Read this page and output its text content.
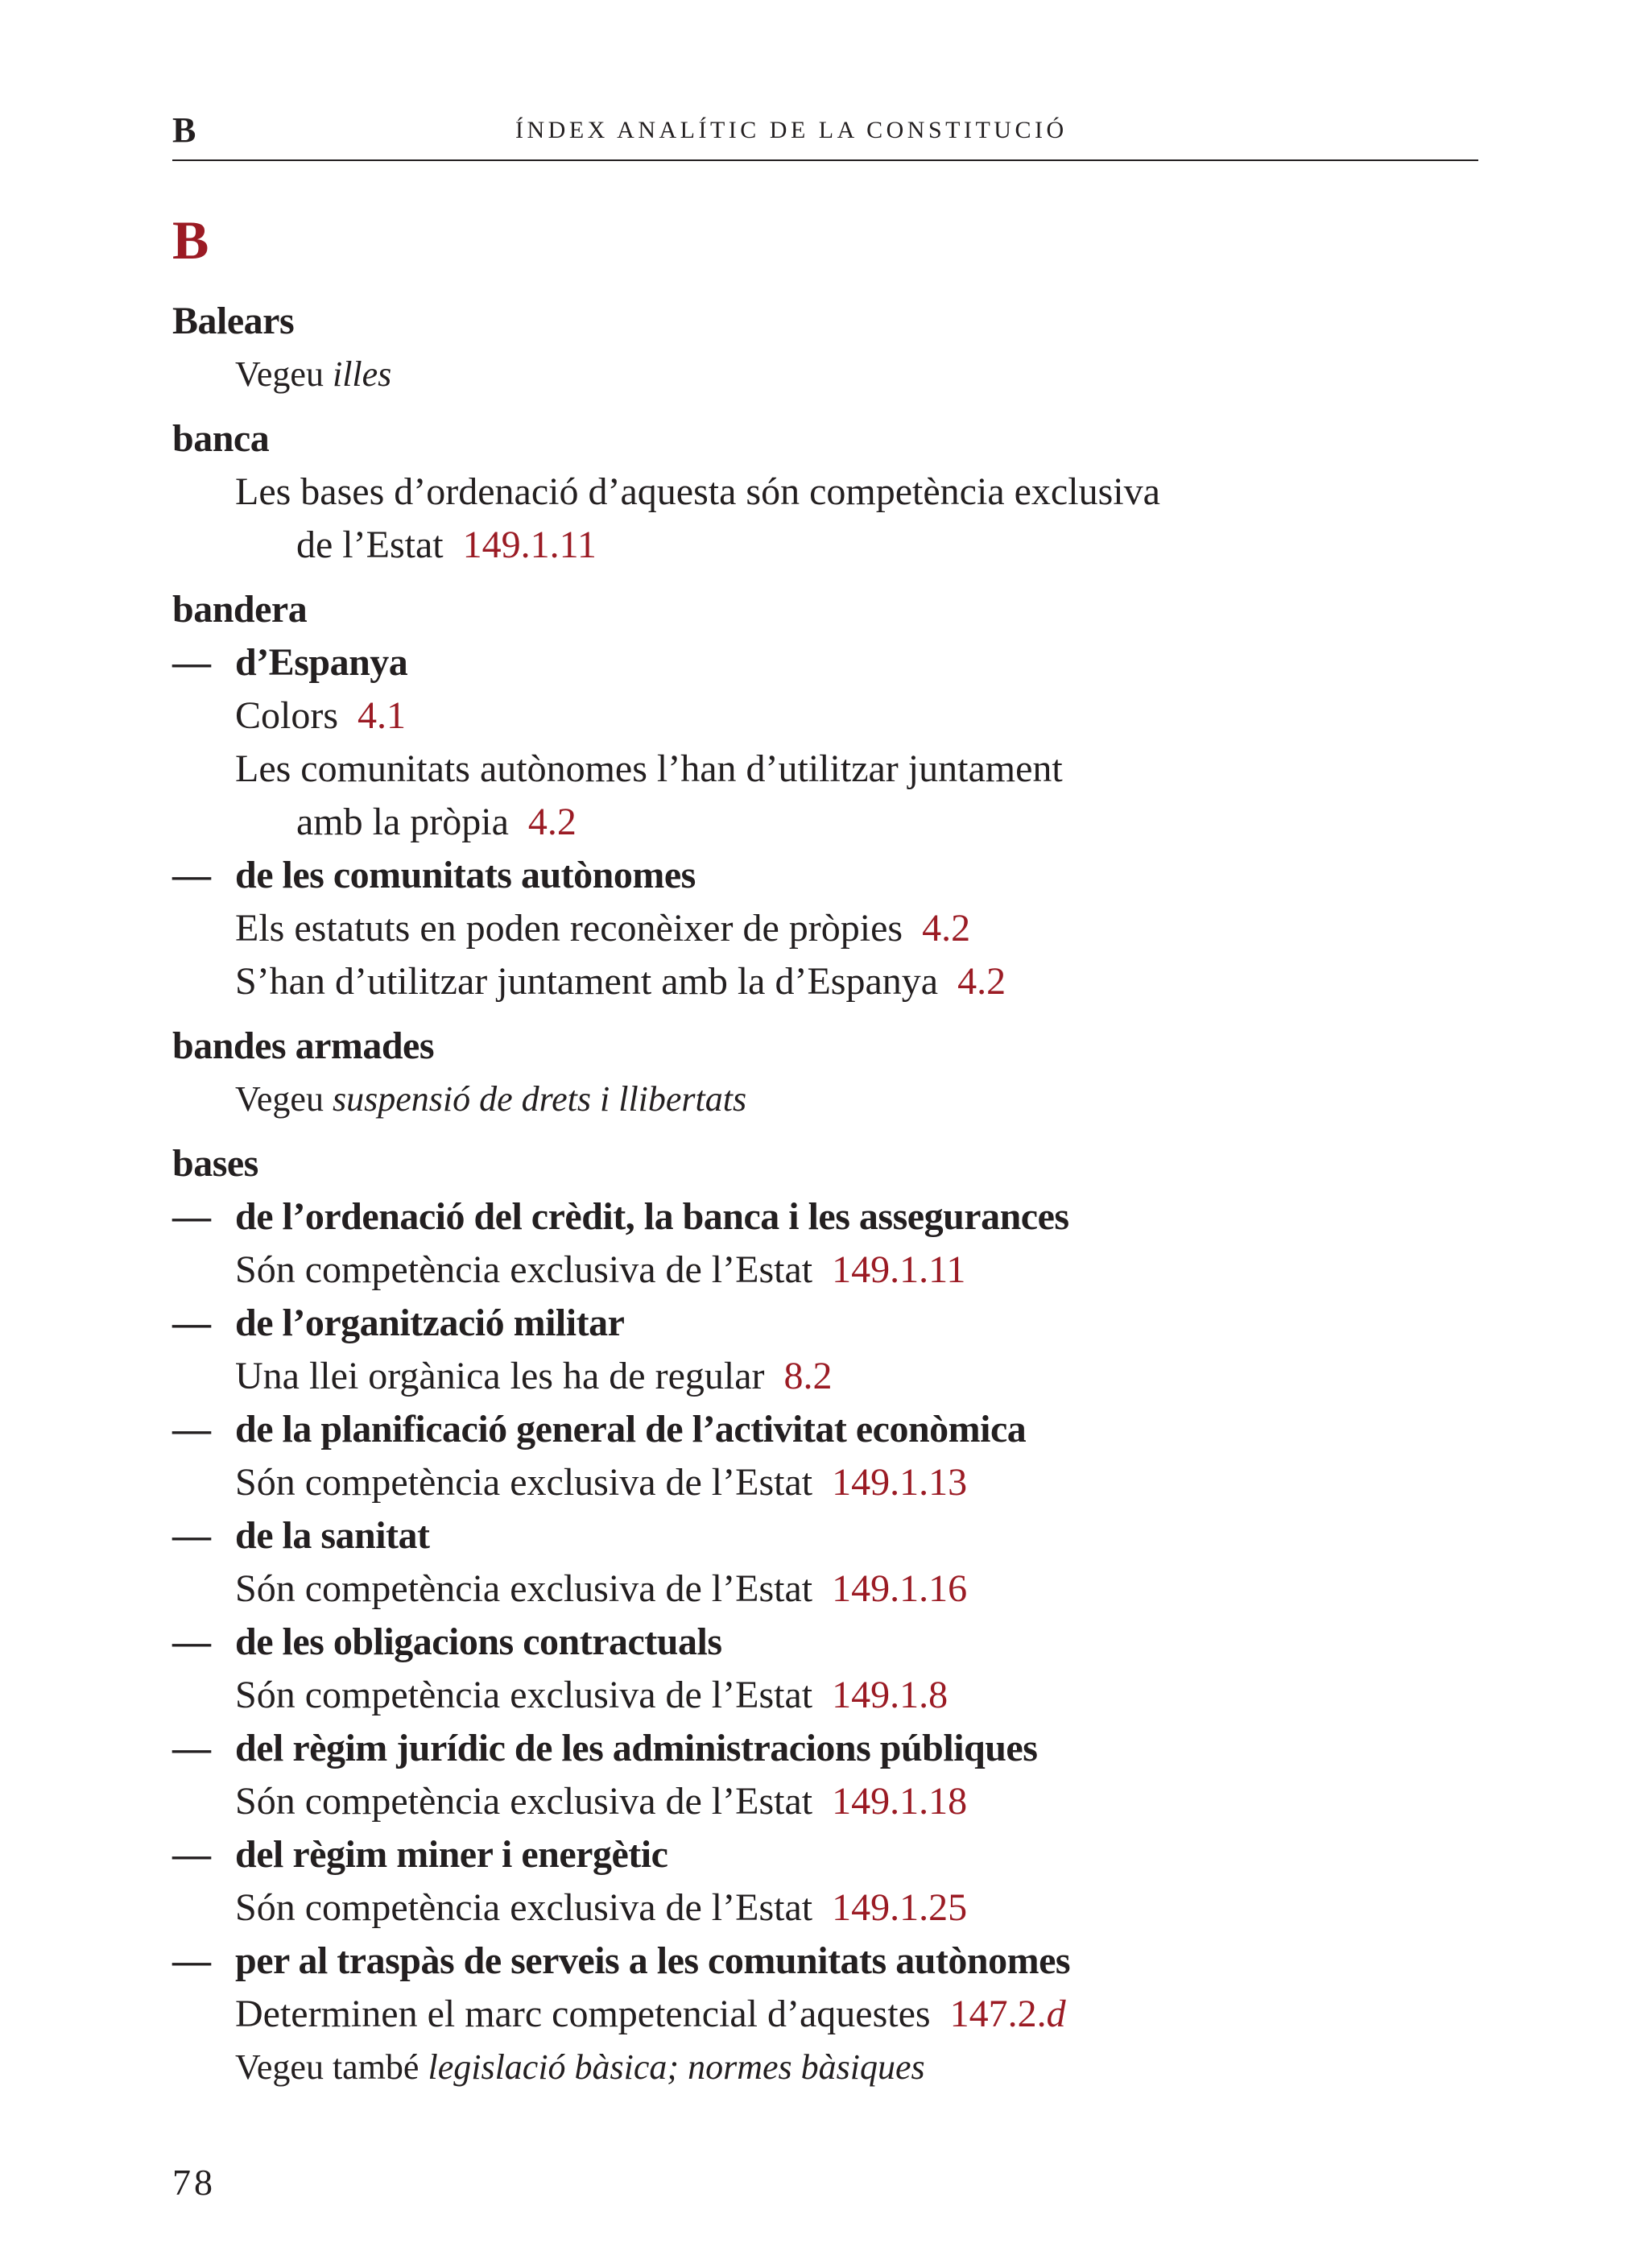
B	ÍNDEX ANALÍTIC DE LA CONSTITUCIÓ
B
Balears
Vegeu illes
banca
Les bases d’ordenació d’aquesta són competència exclusiva
de l’Estat 149.1.11
bandera
— d’Espanya
Colors 4.1
Les comunitats autònomes l’han d’utilitzar juntament
amb la pròpia 4.2
— de les comunitats autònomes
Els estatuts en poden reconèixer de pròpies 4.2
S’han d’utilitzar juntament amb la d’Espanya 4.2
bandes armades
Vegeu suspensió de drets i llibertats
bases
— de l’ordenació del crèdit, la banca i les assegurances
Són competència exclusiva de l’Estat 149.1.11
— de l’organització militar
Una llei orgànica les ha de regular 8.2
— de la planificació general de l’activitat econòmica
Són competència exclusiva de l’Estat 149.1.13
— de la sanitat
Són competència exclusiva de l’Estat 149.1.16
— de les obligacions contractuals
Són competència exclusiva de l’Estat 149.1.8
— del règim jurídic de les administracions públiques
Són competència exclusiva de l’Estat 149.1.18
— del règim miner i energètic
Són competència exclusiva de l’Estat 149.1.25
— per al traspàs de serveis a les comunitats autònomes
Determinen el marc competencial d’aquestes 147.2.d
Vegeu també legislació bàsica; normes bàsiques
78
